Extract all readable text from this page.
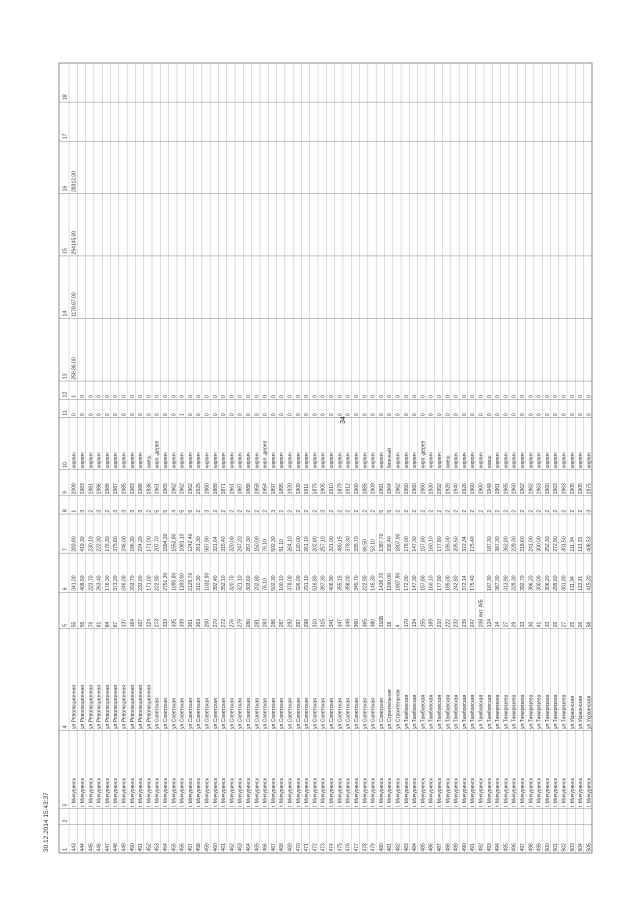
1
2
3
4
5
6
7
8
9
10
11
12
13
14
15
16
17
18
443
г. Мичуринск
ул.Революционная
55
341,00
283,80
1
2009
кирпич
0
1
258,86,00
1178,67,00
294145,00
28312,00
444
г. Мичуринск
ул.Революционная
55
409,50
419,30
3
1983
кирпич
0
0
445
г. Мичуринск
ул.Революционная
76
223,70
230,10
2
1981
кирпич
0
0
446
г. Мичуринск
ул.Революционная
81
263,40
222,30
3
1986
кирпич
0
0
447
г. Мичуринск
ул.Революционная
84
176,30
176,30
2
1988
кирпич
0
0
448
г. Мичуринск
ул.Революционная
87
373,20
375,80
3
1987
кирпич
0
0
449
г. Мичуринск
ул.Революционная
137
246,00
246,00
3
1985
кирпич
0
0
450
г. Мичуринск
ул.Революционная
164
203,70
186,30
3
1983
кирпич
0
0
451
г. Мичуринск
ул.Революционная
167
233,60
224,20
3
1988
кирпич
0
0
452
г. Мичуринск
ул.Революционная
124
171,00
171,00
2
1936
смеш.
0
0
453
г. Мичуринск
ул.Советская
273
222,90
207,70
5
1961
кирп.-дерев
0
0
454
г. Мичуринск
ул.Советская
333
2751,30
1594,20
5
1965
кирпич
0
0
455
г. Мичуринск
ул.Советская
335
1690,80
1552,80
4
1962
кирпич
0
0
456
г. Мичуринск
ул.Советская
339
1183,60
1081,10
5
1962
кирпич
1
0
457
г. Мичуринск
ул.Советская
361
2125,70
1242,40
5
1962
кирпич
0
0
458
г. Мичуринск
ул.Советская
363
310,30
261,30
2
1925
кирпич
0
0
459
г. Мичуринск
ул.Советская
200
1032,90
587,90
3
1960
кирпич
0
0
460
г. Мичуринск
ул.Советская
270
392,40
321,64
2
1889
кирпич
0
0
461
г. Мичуринск
ул.Советская
272
352,10
315,40
2
1871
кирпич
0
0
462
г. Мичуринск
ул.Советская
276
320,70
320,00
2
1961
кирпич
0
0
463
г. Мичуринск
ул.Советская
279
321,10
247,20
2
1867
кирпич
0
0
464
г. Мичуринск
ул.Советская
280
303,60
267,30
2
1888
кирпич
0
0
465
г. Мичуринск
ул.Советская
281
202,80
150,00
2
1958
кирпич
0
0
466
г. Мичуринск
ул.Советская
283
76,10
76,10
2
1954
кирп.-дерев
0
0
467
г. Мичуринск
ул.Советская
286
502,30
502,30
3
1897
кирпич
0
0
468
г. Мичуринск
ул.Советская
287
100,10
91,10
2
1895
кирпич
0
0
469
г. Мичуринск
ул.Советская
292
378,00
264,10
2
1920
кирпич
0
0
470
г. Мичуринск
ул.Советская
297
326,00
120,00
2
1909
кирпич
0
0
471
г. Мичуринск
ул.Советская
298
291,10
261,10
2
1911
кирпич
0
0
472
г. Мичуринск
ул.Советская
310
516,80
202,80
2
1875
кирпич
0
0
473
г. Мичуринск
ул.Советская
315
397,30
257,10
3
1905
кирпич
0
0
474
г. Мичуринск
ул.Советская
341
406,90
321,00
2
1910
кирпич
0
0
475
г. Мичуринск
ул.Советская
347
355,15
480,15
2
1879
кирпич
0
0
476
г. Мичуринск
ул.Советская
349
398,00
378,30
2
1912
кирпич
0
0
477
г. Мичуринск
ул.Советская
360
345,70
335,70
2
1900
кирпич
0
0
478
г. Мичуринск
ул.Советская
365
222,90
66,50
2
1885
кирпич
0
0
479
г. Мичуринск
ул.Советская
380
145,30
53,10
2
1909
кирпич
0
0
480
г. Мичуринск
ул.Советская
316Б
1436,70
1387,70
5
1991
кирпич
0
0
481
г. Мичуринск
ул.Строительная
18
1190,00
336,40
5
1964
блочный
0
0
482
г. Мичуринск
ул.Строительная
4
1807,90
1807,90
2
1962
кирпич
0
0
483
г. Мичуринск
ул.Тамбовская
170
172,00
178,00
2
1950
кирпич
0
0
484
г. Мичуринск
ул.Тамбовская
134
147,30
147,30
2
1960
кирпич
0
0
485
г. Мичуринск
ул.Тамбовская
155
157,80
157,80
2
1960
кирп.-дерев
0
0
486
г. Мичуринск
ул.Тамбовская
169
160,10
160,10
2
1930
кирпич
0
0
487
г. Мичуринск
ул.Тамбовская
210
177,80
177,80
2
1952
кирпич
0
0
488
г. Мичуринск
ул.Тамбовская
222
185,00
185,00
2
1929
смеш.
0
0
489
г. Мичуринск
ул.Тамбовская
232
242,80
205,50
2
1940
кирпич
0
0
490
г. Мичуринск
ул.Тамбовская
239
372,14
372,34
2
1926
кирпич
0
0
491
г. Мичуринск
ул.Тамбовская
247
175,40
175,40
2
1900
кирпич
0
0
492
г. Мичуринск
ул.Тамбовская
208 лит. А/Б
2
1900
кирпич
0
0
493
г. Мичуринск
ул.Тамбовская
124
187,30
187,30
2
1949
смеш.
0
0
494
г. Мичуринск
ул.Тимирязева
14
387,30
387,30
2
1961
кирпич
0
0
495
г. Мичуринск
ул.Тимирязева
27
313,90
362,80
2
1965
кирпич
0
0
496
г. Мичуринск
ул.Тимирязева
29
229,30
229,30
2
1960
кирпич
0
0
497
г. Мичуринск
ул.Тимирязева
33
392,70
218,60
2
1962
кирпич
0
0
498
г. Мичуринск
ул.Тимирязева
30
396,20
241,00
2
1962
кирпич
0
0
499
г. Мичуринск
ул.Тимирязева
41
300,00
300,00
2
1963
кирпич
0
0
500
г. Мичуринск
ул.Тимирязева
33
306,20
252,30
2
1960
кирпич
0
0
501
г. Мичуринск
ул.Тимирязева
26
299,60
272,90
2
1963
кирпич
0
0
502
г. Мичуринск
ул.Тимирязева
27
301,90
301,50
2
1963
кирпич
0
0
503
г. Мичуринск
ул.Украинская
25
111,34
111,34
2
1905
кирпич
0
0
504
г. Мичуринск
ул.Украинская
26
113,31
113,31
2
1905
кирпич
0
0
505
г. Мичуринск
ул.Украинская
58
415,20
408,53
3
1975
кирпич
0
0
34
30.12.2014 15:43:37
